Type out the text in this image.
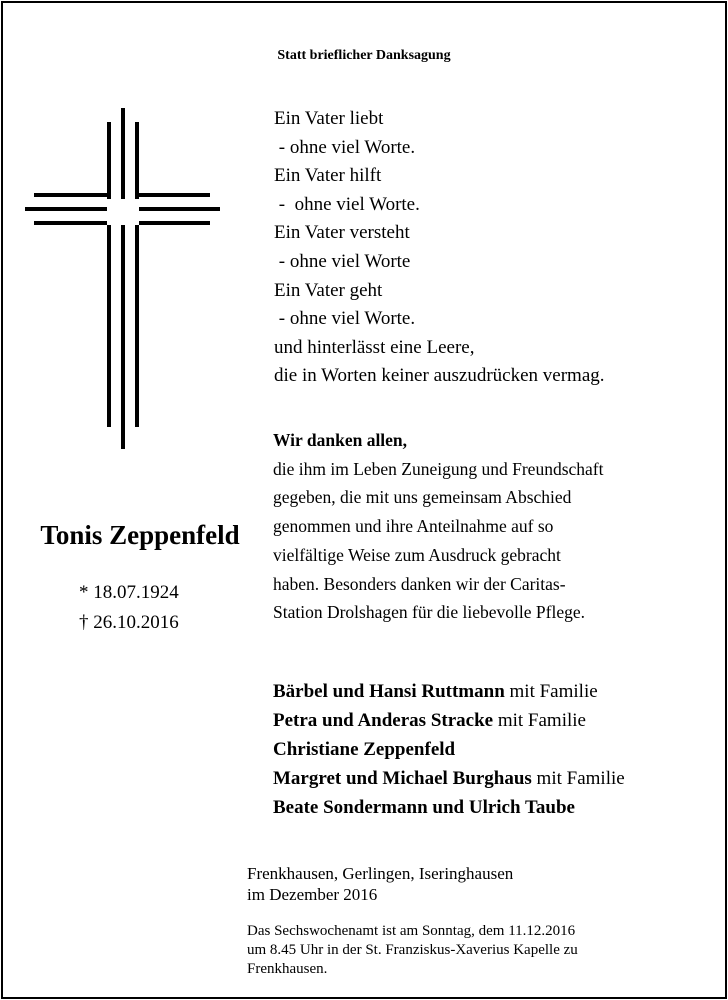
Statt brieflicher Danksagung
Ein Vater liebt
- ohne viel Worte.
Ein Vater hilft
-  ohne viel Worte.
Ein Vater versteht
- ohne viel Worte
Ein Vater geht
- ohne viel Worte.
und hinterlässt eine Leere,
die in Worten keiner auszudrücken vermag.
Wir danken allen,
die ihm im Leben Zuneigung und Freundschaft
gegeben, die mit uns gemeinsam Abschied
genommen und ihre Anteilnahme auf so
vielfältige Weise zum Ausdruck gebracht
haben. Besonders danken wir der Caritas-
Station Drolshagen für die liebevolle Pflege.
Tonis Zeppenfeld
* 18.07.1924
† 26.10.2016
Bärbel und Hansi Ruttmann mit Familie
Petra und Anderas Stracke mit Familie
Christiane Zeppenfeld
Margret und Michael Burghaus mit Familie
Beate Sondermann und Ulrich Taube
Frenkhausen, Gerlingen, Iseringhausen
im Dezember 2016
Das Sechswochenamt ist am Sonntag, dem 11.12.2016
um 8.45 Uhr in der St. Franziskus-Xaverius Kapelle zu
Frenkhausen.
